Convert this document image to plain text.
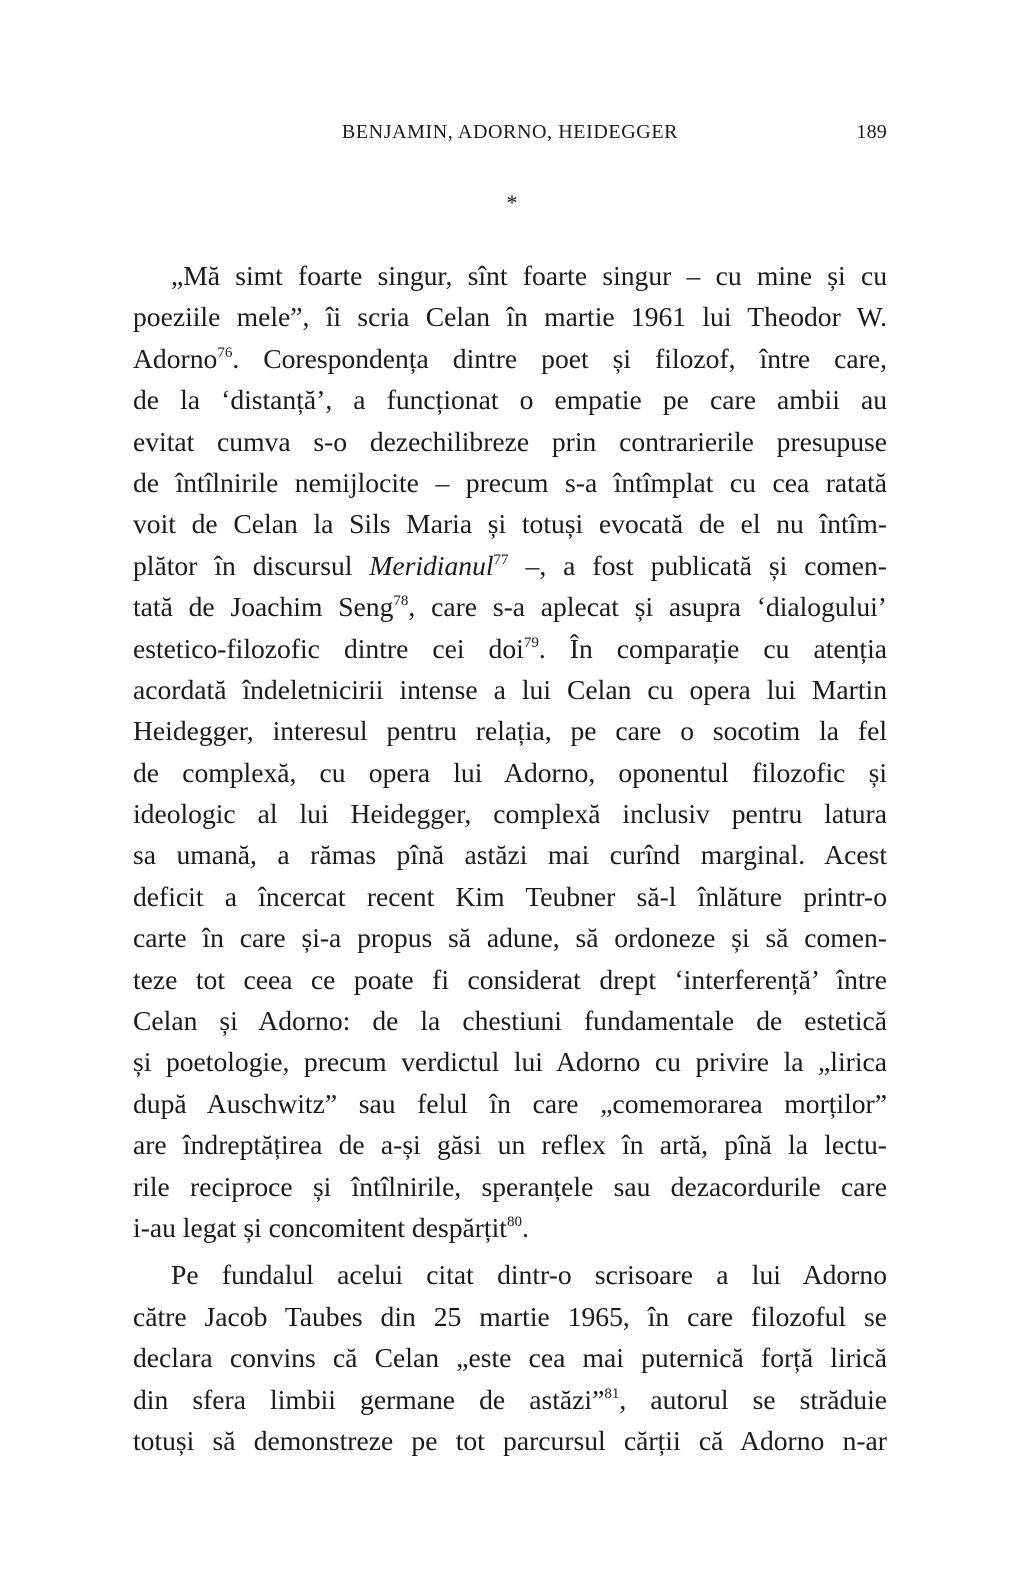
BENJAMIN, ADORNO, HEIDEGGER	189
*
„Mă simt foarte singur, sînt foarte singur – cu mine și cu
poeziile mele”, îi scria Celan în martie 1961 lui Theodor W.
Adorno$^{76}$. Corespondența dintre poet și filozof, între care,
de la ‘distanță’, a funcționat o empatie pe care ambii au
evitat cumva s-o dezechilibreze prin contrarierile presupuse
de întîlnirile nemijlocite – precum s-a întîmplat cu cea ratată
voit de Celan la Sils Maria și totuși evocată de el nu întîm-
plător în discursul Meridianul$^{77}$ –, a fost publicată și comen-
tată de Joachim Seng$^{78}$, care s-a aplecat și asupra ‘dialogului’
estetico-filozofic dintre cei doi$^{79}$. În comparație cu atenția
acordată îndeletnicirii intense a lui Celan cu opera lui Martin
Heidegger, interesul pentru relația, pe care o socotim la fel
de complexă, cu opera lui Adorno, oponentul filozofic și
ideologic al lui Heidegger, complexă inclusiv pentru latura
sa umană, a rămas pînă astăzi mai curînd marginal. Acest
deficit a încercat recent Kim Teubner să-l înlăture printr-o
carte în care și-a propus să adune, să ordoneze și să comen-
teze tot ceea ce poate fi considerat drept ‘interferență’ între
Celan și Adorno: de la chestiuni fundamentale de estetică
și poetologie, precum verdictul lui Adorno cu privire la „lirica
după Auschwitz” sau felul în care „comemorarea morților”
are îndreptățirea de a-și găsi un reflex în artă, pînă la lectu-
rile reciproce și întîlnirile, speranțele sau dezacordurile care
i-au legat și concomitent despărțit$^{80}$.
Pe fundalul acelui citat dintr-o scrisoare a lui Adorno
către Jacob Taubes din 25 martie 1965, în care filozoful se
declara convins că Celan „este cea mai puternică forță lirică
din sfera limbii germane de astăzi”$^{81}$, autorul se străduie
totuși să demonstreze pe tot parcursul cărții că Adorno n-ar
